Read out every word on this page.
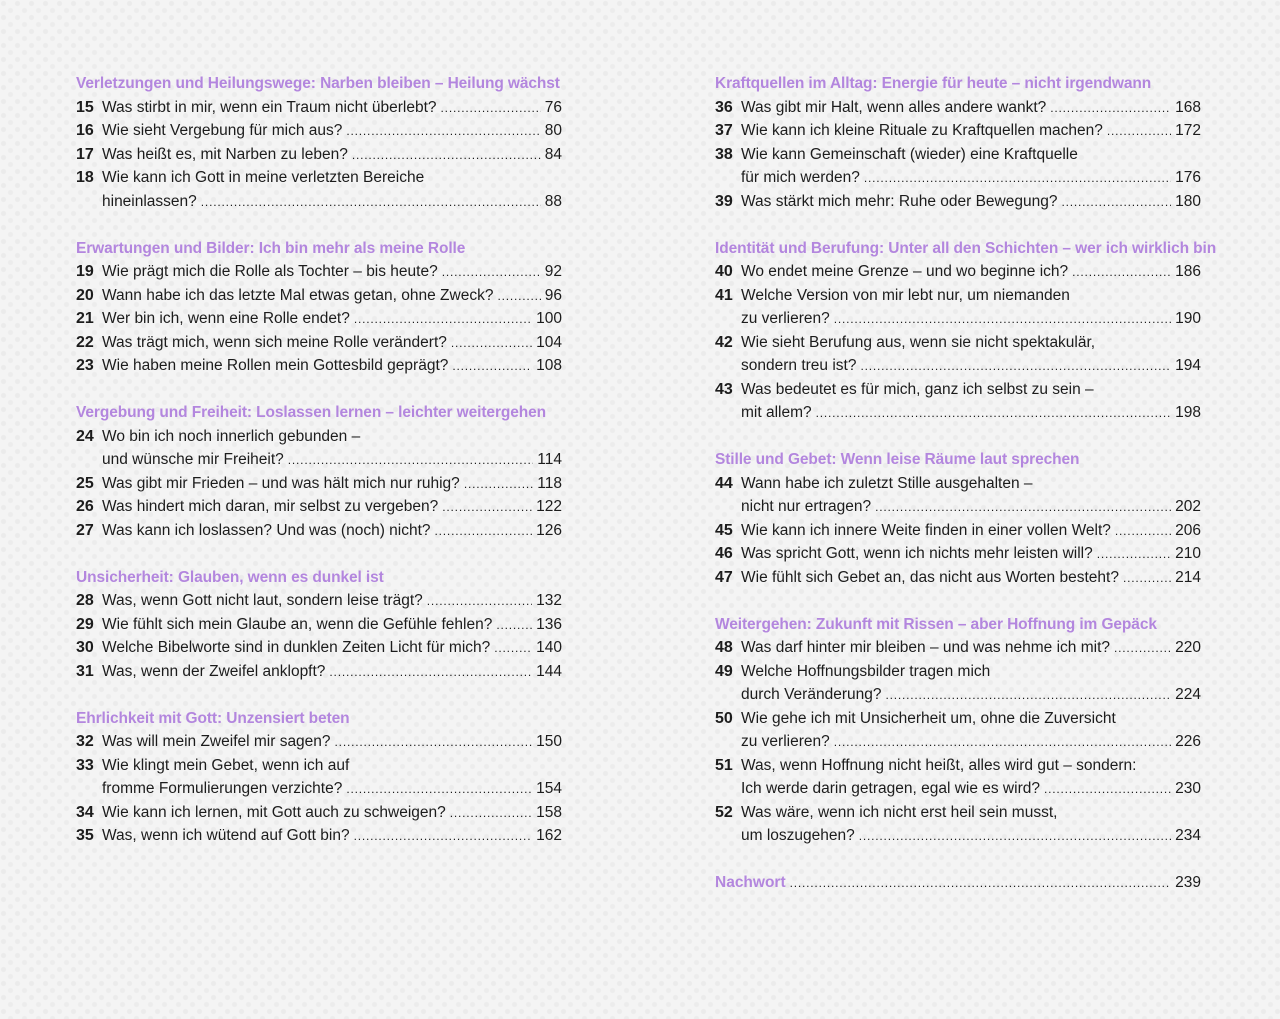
Verletzungen und Heilungswege: Narben bleiben – Heilung wächst
15 Was stirbt in mir, wenn ein Traum nicht überlebt? .....	76
16 Wie sieht Vergebung für mich aus? .....	80
17 Was heißt es, mit Narben zu leben? .....	84
18 Wie kann ich Gott in meine verletzten Bereiche
hineinlassen? .....	88
Erwartungen und Bilder: Ich bin mehr als meine Rolle
19 Wie prägt mich die Rolle als Tochter – bis heute? .....	92
20 Wann habe ich das letzte Mal etwas getan, ohne Zweck? .....	96
21 Wer bin ich, wenn eine Rolle endet? .....	100
22 Was trägt mich, wenn sich meine Rolle verändert? .....	104
23 Wie haben meine Rollen mein Gottesbild geprägt? .....	108
Vergebung und Freiheit: Loslassen lernen – leichter weitergehen
24 Wo bin ich noch innerlich gebunden –
und wünsche mir Freiheit? .....	114
25 Was gibt mir Frieden – und was hält mich nur ruhig? .....	118
26 Was hindert mich daran, mir selbst zu vergeben? .....	122
27 Was kann ich loslassen? Und was (noch) nicht? .....	126
Unsicherheit: Glauben, wenn es dunkel ist
28 Was, wenn Gott nicht laut, sondern leise trägt? .....	132
29 Wie fühlt sich mein Glaube an, wenn die Gefühle fehlen? .....	136
30 Welche Bibelworte sind in dunklen Zeiten Licht für mich? .....	140
31 Was, wenn der Zweifel anklopft? .....	144
Ehrlichkeit mit Gott: Unzensiert beten
32 Was will mein Zweifel mir sagen? .....	150
33 Wie klingt mein Gebet, wenn ich auf
fromme Formulierungen verzichte? .....	154
34 Wie kann ich lernen, mit Gott auch zu schweigen? .....	158
35 Was, wenn ich wütend auf Gott bin? .....	162
Kraftquellen im Alltag: Energie für heute – nicht irgendwann
36 Was gibt mir Halt, wenn alles andere wankt? .....	168
37 Wie kann ich kleine Rituale zu Kraftquellen machen? .....	172
38 Wie kann Gemeinschaft (wieder) eine Kraftquelle
für mich werden? .....	176
39 Was stärkt mich mehr: Ruhe oder Bewegung? .....	180
Identität und Berufung: Unter all den Schichten – wer ich wirklich bin
40 Wo endet meine Grenze – und wo beginne ich? .....	186
41 Welche Version von mir lebt nur, um niemanden
zu verlieren? .....	190
42 Wie sieht Berufung aus, wenn sie nicht spektakulär,
sondern treu ist? .....	194
43 Was bedeutet es für mich, ganz ich selbst zu sein –
mit allem? .....	198
Stille und Gebet: Wenn leise Räume laut sprechen
44 Wann habe ich zuletzt Stille ausgehalten –
nicht nur ertragen? .....	202
45 Wie kann ich innere Weite finden in einer vollen Welt? .....	206
46 Was spricht Gott, wenn ich nichts mehr leisten will? .....	210
47 Wie fühlt sich Gebet an, das nicht aus Worten besteht? .....	214
Weitergehen: Zukunft mit Rissen – aber Hoffnung im Gepäck
48 Was darf hinter mir bleiben – und was nehme ich mit? .....	220
49 Welche Hoffnungsbilder tragen mich
durch Veränderung? .....	224
50 Wie gehe ich mit Unsicherheit um, ohne die Zuversicht
zu verlieren? .....	226
51 Was, wenn Hoffnung nicht heißt, alles wird gut – sondern:
Ich werde darin getragen, egal wie es wird? .....	230
52 Was wäre, wenn ich nicht erst heil sein musst,
um loszugehen? .....	234
Nachwort .....	239
